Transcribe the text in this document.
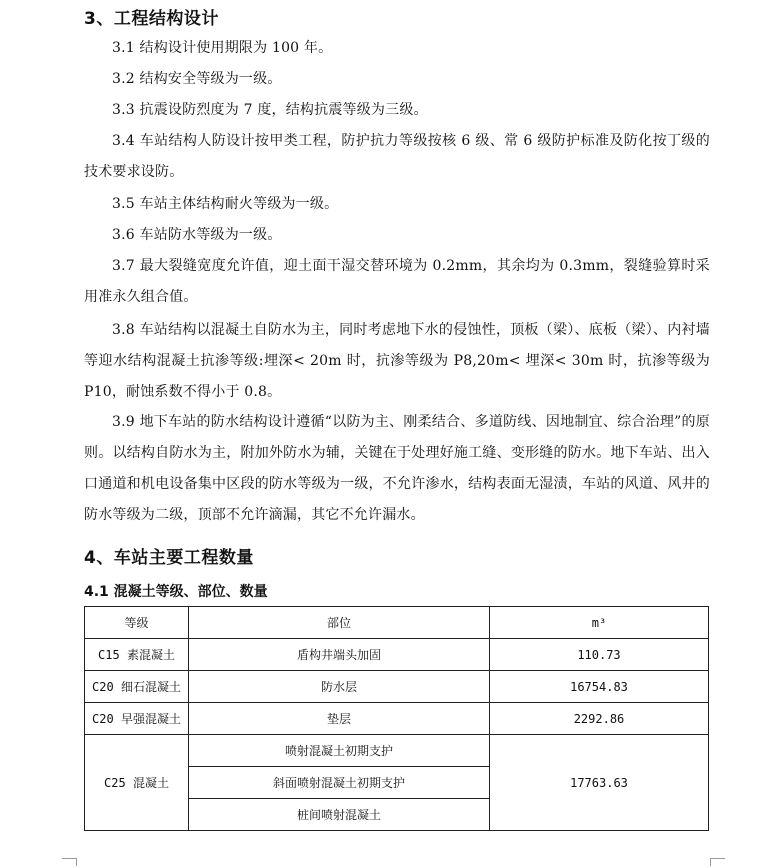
3、工程结构设计

3.1 结构设计使用期限为 100 年。

3.2 结构安全等级为一级。

3.3 抗震设防烈度为 7 度，结构抗震等级为三级。

3.4 车站结构人防设计按甲类工程，防护抗力等级按核 6 级、常 6 级防护标准及防化按丁级的技术要求设防。

3.5 车站主体结构耐火等级为一级。

3.6 车站防水等级为一级。

3.7 最大裂缝宽度允许值，迎土面干湿交替环境为 0.2mm，其余均为 0.3mm，裂缝验算时采用准永久组合值。

3.8 车站结构以混凝土自防水为主，同时考虑地下水的侵蚀性，顶板（梁）、底板（梁）、内衬墙等迎水结构混凝土抗渗等级:埋深< 20m 时，抗渗等级为 P8,20m< 埋深< 30m 时，抗渗等级为 P10，耐蚀系数不得小于 0.8。

3.9 地下车站的防水结构设计遵循“以防为主、刚柔结合、多道防线、因地制宜、综合治理”的原则。以结构自防水为主，附加外防水为辅，关键在于处理好施工缝、变形缝的防水。地下车站、出入口通道和机电设备集中区段的防水等级为一级，不允许渗水，结构表面无湿渍，车站的风道、风井的防水等级为二级，顶部不允许滴漏，其它不允许漏水。

4、车站主要工程数量
4.1 混凝土等级、部位、数量
等级	部位	m³
C15 素混凝土	盾构井端头加固	110.73
C20 细石混凝土	防水层	16754.83
C20 早强混凝土	垫层	2292.86
C25 混凝土	喷射混凝土初期支护	17763.63
	斜面喷射混凝土初期支护	
	桩间喷射混凝土	
